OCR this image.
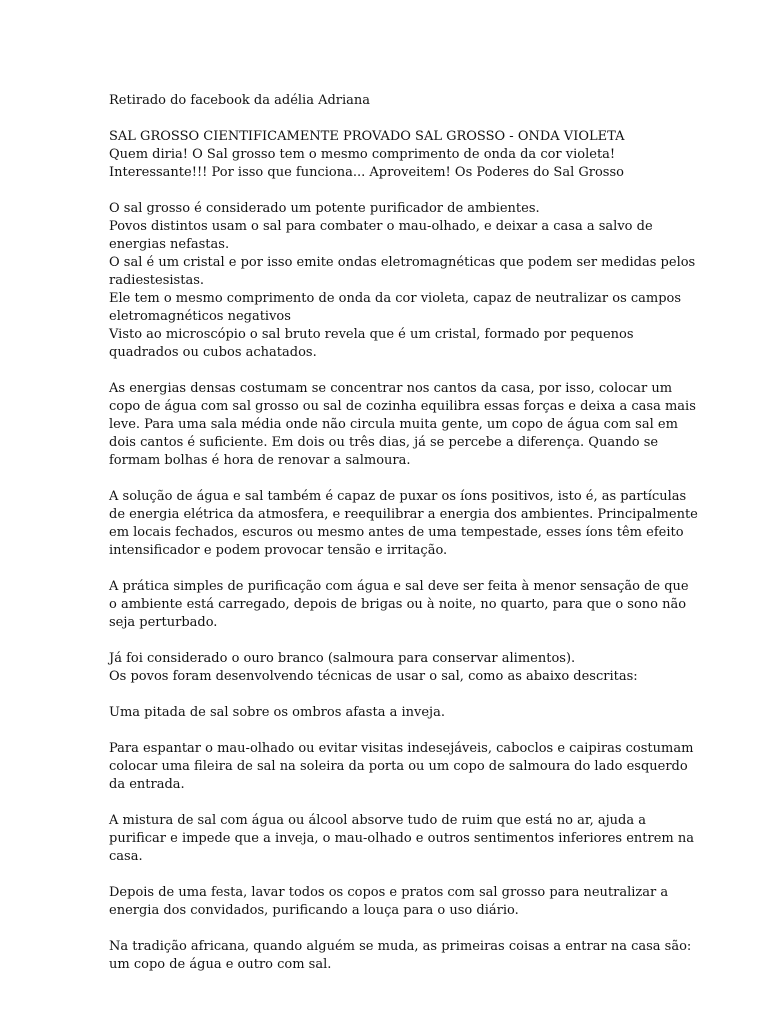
Retirado do facebook da adélia Adriana
SAL GROSSO CIENTIFICAMENTE PROVADO SAL GROSSO - ONDA VIOLETA
Quem diria! O Sal grosso tem o mesmo comprimento de onda da cor violeta!
Interessante!!! Por isso que funciona... Aproveitem! Os Poderes do Sal Grosso
O sal grosso é considerado um potente purificador de ambientes.
Povos distintos usam o sal para combater o mau-olhado, e deixar a casa a salvo de
energias nefastas.
O sal é um cristal e por isso emite ondas eletromagnéticas que podem ser medidas pelos
radiestesistas.
Ele tem o mesmo comprimento de onda da cor violeta, capaz de neutralizar os campos
eletromagnéticos negativos
Visto ao microscópio o sal bruto revela que é um cristal, formado por pequenos
quadrados ou cubos achatados.
As energias densas costumam se concentrar nos cantos da casa, por isso, colocar um
copo de água com sal grosso ou sal de cozinha equilibra essas forças e deixa a casa mais
leve. Para uma sala média onde não circula muita gente, um copo de água com sal em
dois cantos é suficiente. Em dois ou três dias, já se percebe a diferença. Quando se
formam bolhas é hora de renovar a salmoura.
A solução de água e sal também é capaz de puxar os íons positivos, isto é, as partículas
de energia elétrica da atmosfera, e reequilibrar a energia dos ambientes. Principalmente
em locais fechados, escuros ou mesmo antes de uma tempestade, esses íons têm efeito
intensificador e podem provocar tensão e irritação.
A prática simples de purificação com água e sal deve ser feita à menor sensação de que
o ambiente está carregado, depois de brigas ou à noite, no quarto, para que o sono não
seja perturbado.
Já foi considerado o ouro branco (salmoura para conservar alimentos).
Os povos foram desenvolvendo técnicas de usar o sal, como as abaixo descritas:
Uma pitada de sal sobre os ombros afasta a inveja.
Para espantar o mau-olhado ou evitar visitas indesejáveis, caboclos e caipiras costumam
colocar uma fileira de sal na soleira da porta ou um copo de salmoura do lado esquerdo
da entrada.
A mistura de sal com água ou álcool absorve tudo de ruim que está no ar, ajuda a
purificar e impede que a inveja, o mau-olhado e outros sentimentos inferiores entrem na
casa.
Depois de uma festa, lavar todos os copos e pratos com sal grosso para neutralizar a
energia dos convidados, purificando a louça para o uso diário.
Na tradição africana, quando alguém se muda, as primeiras coisas a entrar na casa são:
um copo de água e outro com sal.
